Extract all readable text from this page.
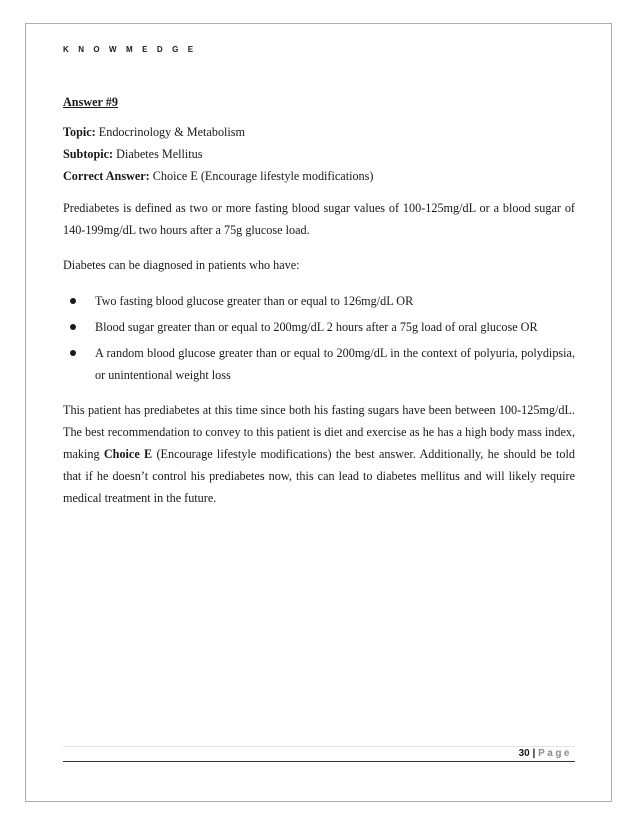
K N O W M E D G E
Answer #9
Topic: Endocrinology & Metabolism
Subtopic: Diabetes Mellitus
Correct Answer: Choice E (Encourage lifestyle modifications)

Prediabetes is defined as two or more fasting blood sugar values of 100-125mg/dL or a blood sugar of 140-199mg/dL two hours after a 75g glucose load.

Diabetes can be diagnosed in patients who have:

Two fasting blood glucose greater than or equal to 126mg/dL OR
Blood sugar greater than or equal to 200mg/dL 2 hours after a 75g load of oral glucose OR
A random blood glucose greater than or equal to 200mg/dL in the context of polyuria, polydipsia, or unintentional weight loss

This patient has prediabetes at this time since both his fasting sugars have been between 100-125mg/dL. The best recommendation to convey to this patient is diet and exercise as he has a high body mass index, making Choice E (Encourage lifestyle modifications) the best answer. Additionally, he should be told that if he doesn’t control his prediabetes now, this can lead to diabetes mellitus and will likely require medical treatment in the future.

30 | Page
